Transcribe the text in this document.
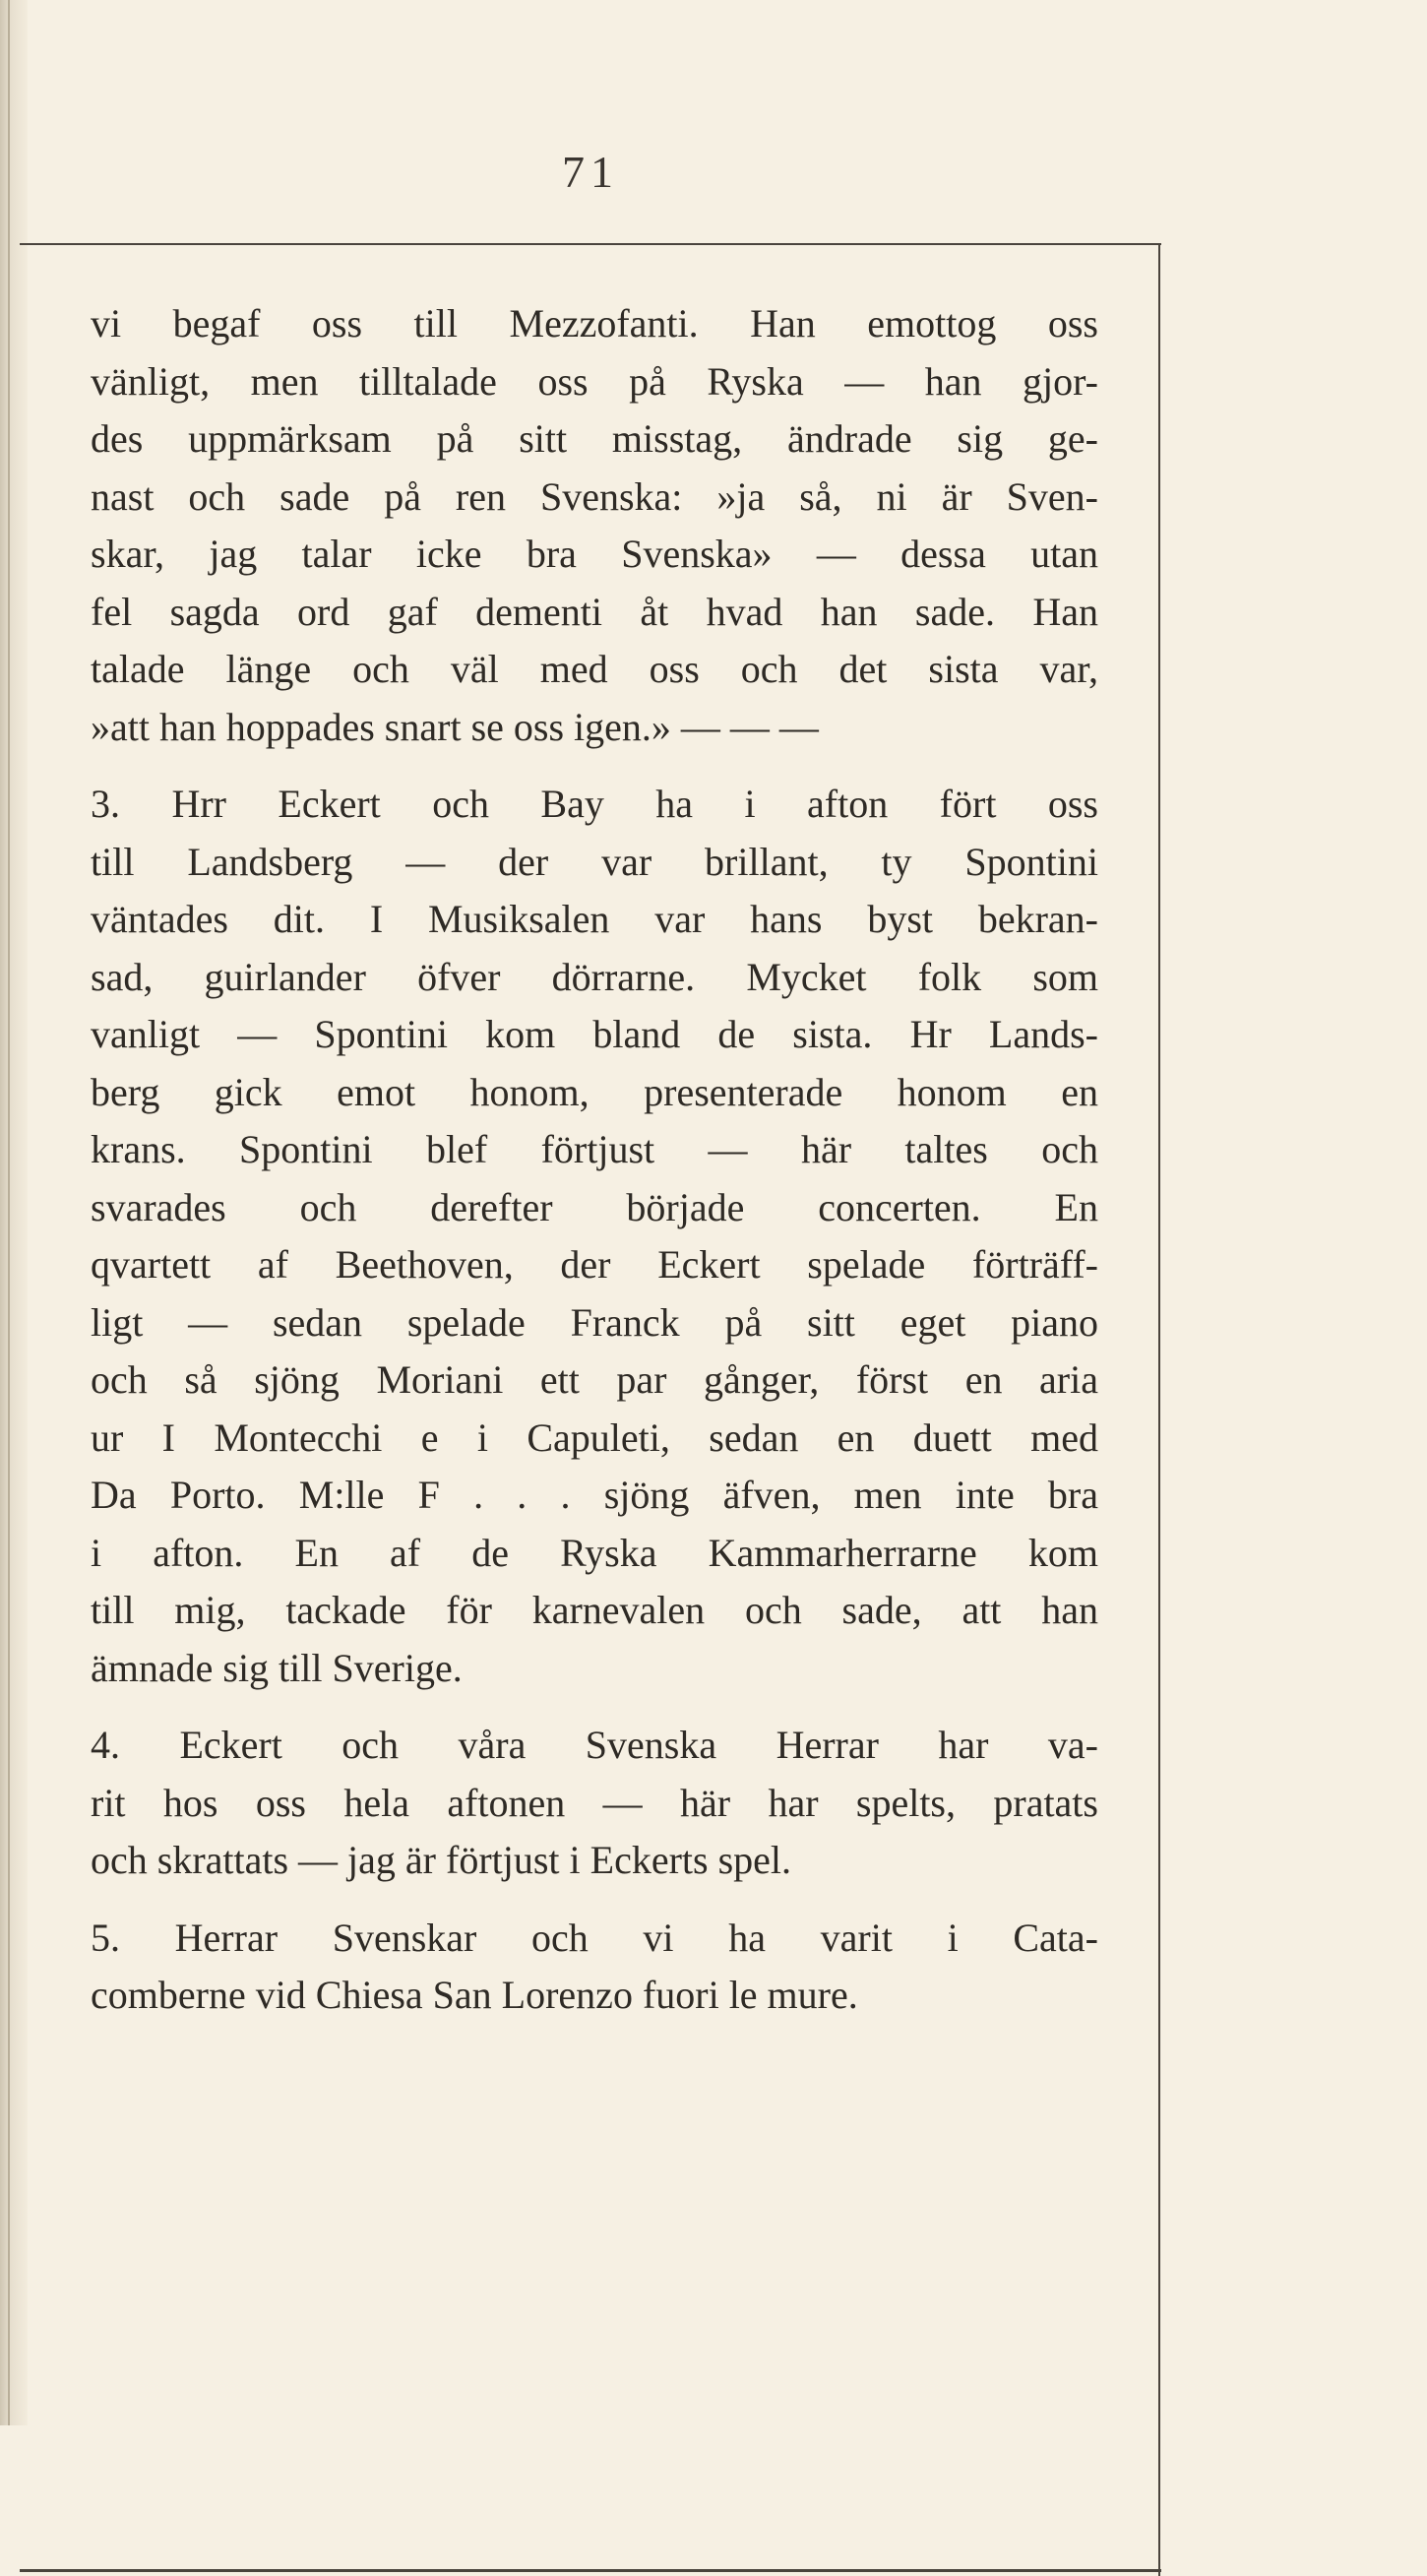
71
vi begaf oss till Mezzofanti. Han emottog oss
vänligt, men tilltalade oss på Ryska — han gjor-
des uppmärksam på sitt misstag, ändrade sig ge-
nast och sade på ren Svenska: »ja så, ni är Sven-
skar, jag talar icke bra Svenska» — dessa utan
fel sagda ord gaf dementi åt hvad han sade. Han
talade länge och väl med oss och det sista var,
»att han hoppades snart se oss igen.» — — —
3. Hrr Eckert och Bay ha i afton fört oss
till Landsberg — der var brillant, ty Spontini
väntades dit. I Musiksalen var hans byst bekran-
sad, guirlander öfver dörrarne. Mycket folk som
vanligt — Spontini kom bland de sista. Hr Lands-
berg gick emot honom, presenterade honom en
krans. Spontini blef förtjust — här taltes och
svarades och derefter började concerten. En
qvartett af Beethoven, der Eckert spelade förträff-
ligt — sedan spelade Franck på sitt eget piano
och så sjöng Moriani ett par gånger, först en aria
ur I Montecchi e i Capuleti, sedan en duett med
Da Porto. M:lle F . . . sjöng äfven, men inte bra
i afton. En af de Ryska Kammarherrarne kom
till mig, tackade för karnevalen och sade, att han
ämnade sig till Sverige.
4. Eckert och våra Svenska Herrar har va-
rit hos oss hela aftonen — här har spelts, pratats
och skrattats — jag är förtjust i Eckerts spel.
5. Herrar Svenskar och vi ha varit i Cata-
comberne vid Chiesa San Lorenzo fuori le mure.
